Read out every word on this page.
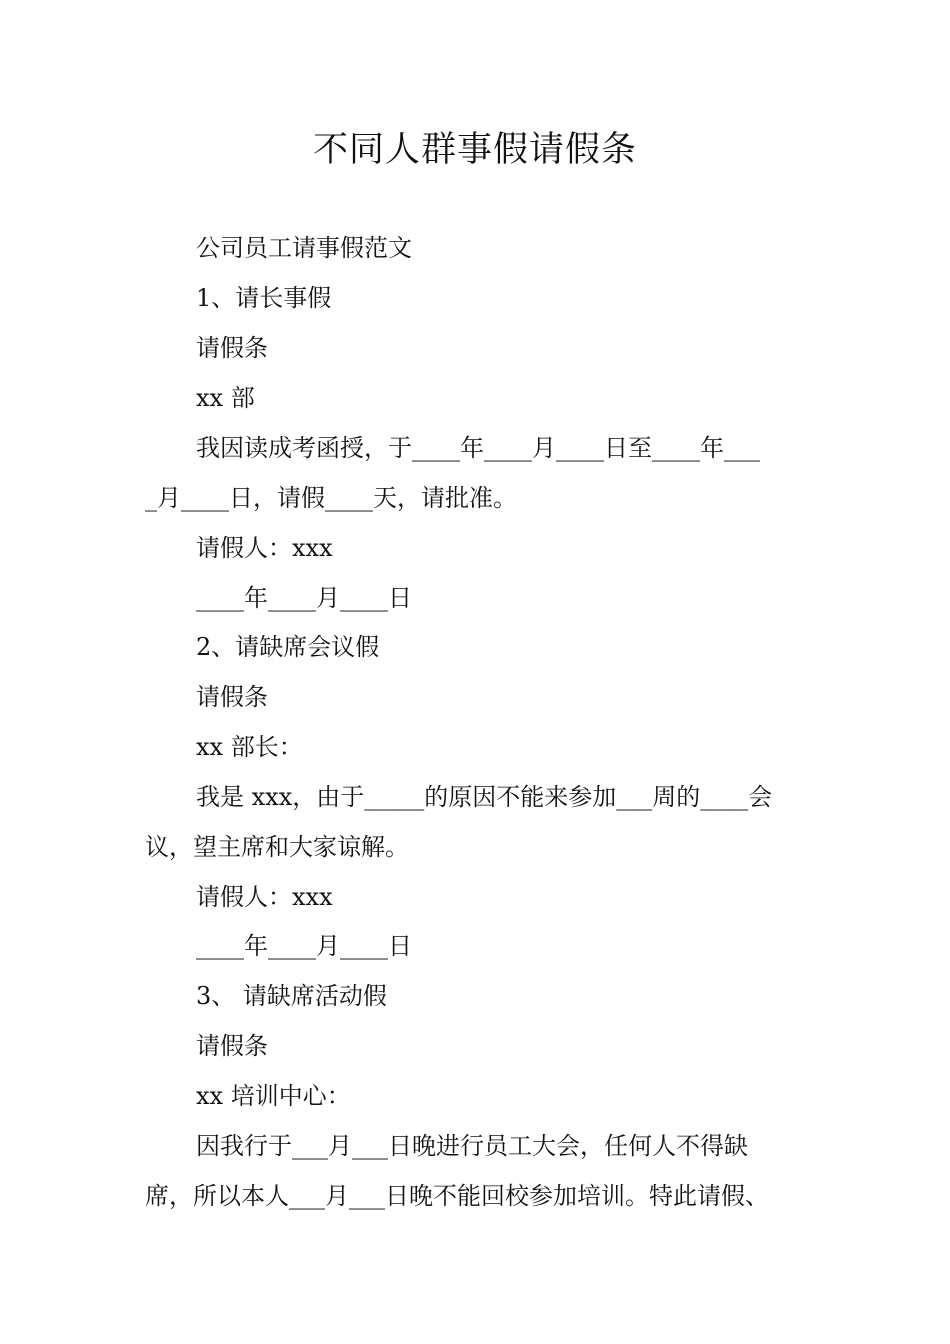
不同人群事假请假条
公司员工请事假范文
1、请长事假
请假条
xx 部
我因读成考函授，于____年____月____日至____年___
_月____日，请假____天，请批准。
请假人：xxx
____年____月____日
2、请缺席会议假
请假条
xx 部长：
我是 xxx，由于_____的原因不能来参加___周的____会
议，望主席和大家谅解。
请假人：xxx
____年____月____日
3、 请缺席活动假
请假条
xx 培训中心：
因我行于___月___日晚进行员工大会，任何人不得缺
席，所以本人___月___日晚不能回校参加培训。特此请假、
